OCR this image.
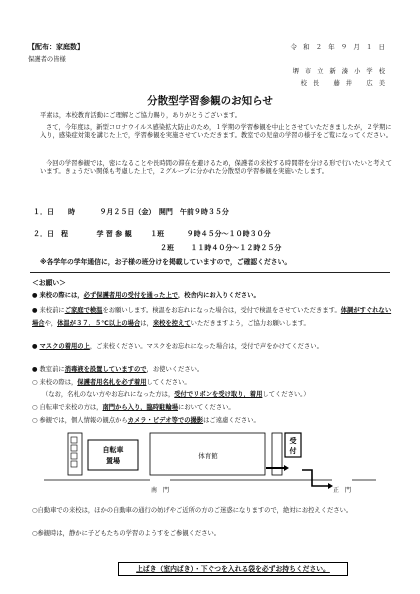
【配布：家庭数】	令 和 ２ 年 ９ 月 １ 日
保護者の皆様
堺 市 立 新 湊 小 学 校
校 長　 藤 井 　広 美
分散型学習参観のお知らせ
平素は，本校教育活動にご理解とご協力賜り，ありがとうございます。
さて，今年度は，新型コロナウイルス感染拡大防止のため，１学期の学習参観を中止とさせていただきましたが，２学期に入り，感染症対策を講じた上で，学習参観を実施させていただきます。教室での児童の学習の様子をご覧になってください。
今回の学習参観では，密になることや長時間の滞在を避けるため，保護者の来校する時間帯を分ける形で行いたいと考えています。きょうだい関係も考慮した上で，２グループに分かれた分散型の学習参観を実施いたします。
１．日　　時	９月２５日（金）　開門　午前９時３５分
２．日　程	学 習 参 観	１班	９時４５分～１０時３０分
２班 １１時４０分～１２時２５分
※各学年の学年通信に，お子様の班分けを掲載していますので，ご確認ください。
＜お願い＞
● 来校の際には，必ず保護者用の受付を通った上で，校舎内にお入りください。
● 来校前にご家庭で検温をお願いします。検温をお忘れになった場合は，受付で検温をさせていただきます。体調がすぐれない場合や，体温が３７．５℃以上の場合は，来校を控えていただきますよう，ご協力お願いします。
● マスクの着用の上，ご来校ください。マスクをお忘れになった場合は，受付で声をかけてください。
● 教室前に消毒液を設置していますので，お使いください。
○ 来校の際は，保護者用名札を必ず着用してください。
（なお，名札のない方やお忘れになった方は，受付でリボンを受け取り，着用してください。）
○ 自転車で来校の方は，南門から入り，臨時駐輪場においてください。
○ 参観では，個人情報の観点からカメラ・ビデオ等での撮影はご遠慮ください。
自転車
置場
体育館
受
付
南　門	正　門
○自動車での来校は，ほかの自動車の通行の妨げやご近所の方のご迷惑になりますので，絶対にお控えください。
○参観時は，静かに子どもたちの学習のようすをご参観ください。
上ばき（室内ばき）・下ぐつを入れる袋を必ずお持ちください。
